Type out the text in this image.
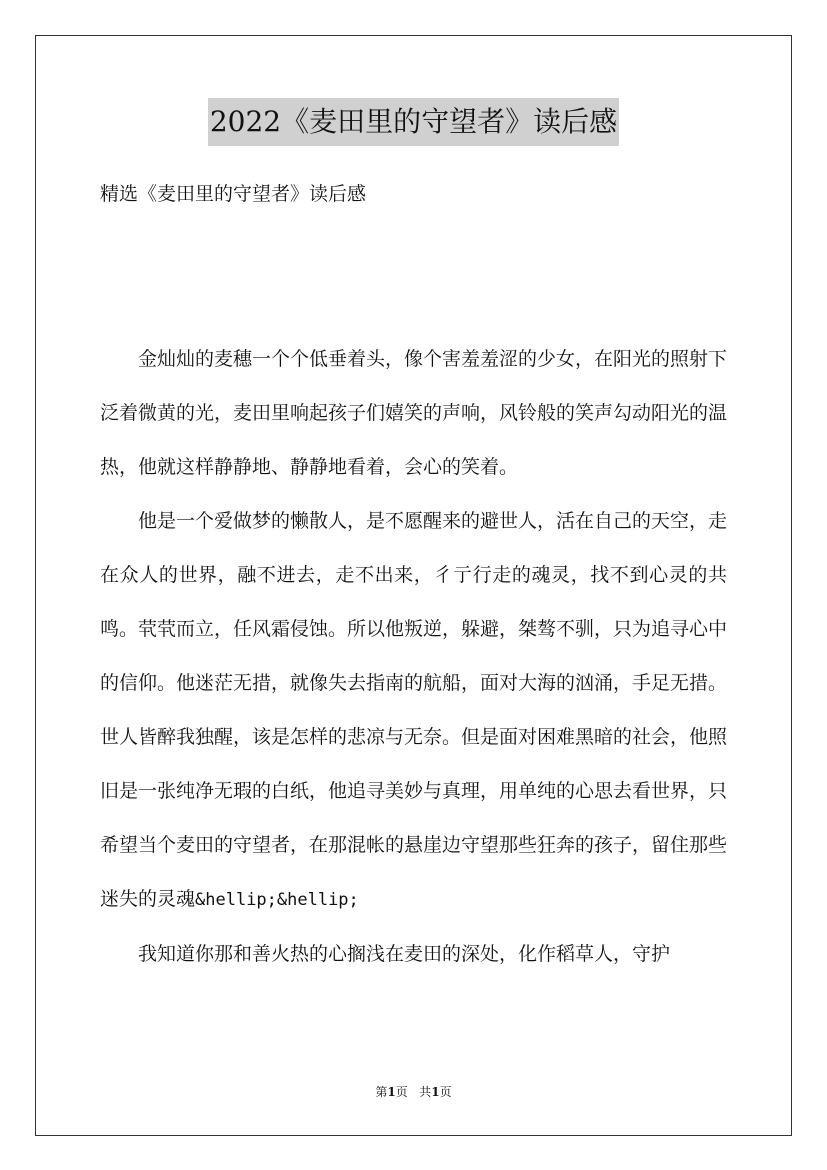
2022《麦田里的守望者》读后感
精选《麦田里的守望者》读后感

金灿灿的麦穗一个个低垂着头，像个害羞羞涩的少女，在阳光的照射下泛着微黄的光，麦田里响起孩子们嬉笑的声响，风铃般的笑声勾动阳光的温热，他就这样静静地、静静地看着，会心的笑着。

他是一个爱做梦的懒散人，是不愿醒来的避世人，活在自己的天空，走在众人的世界，融不进去，走不出来，彳亍行走的魂灵，找不到心灵的共鸣。茕茕而立，任风霜侵蚀。所以他叛逆，躲避，桀骜不驯，只为追寻心中的信仰。他迷茫无措，就像失去指南的航船，面对大海的汹涌，手足无措。世人皆醉我独醒，该是怎样的悲凉与无奈。但是面对困难黑暗的社会，他照旧是一张纯净无瑕的白纸，他追寻美妙与真理，用单纯的心思去看世界，只希望当个麦田的守望者，在那混帐的悬崖边守望那些狂奔的孩子，留住那些迷失的灵魂&hellip;&hellip;

我知道你那和善火热的心搁浅在麦田的深处，化作稻草人，守护

第1页 共1页
